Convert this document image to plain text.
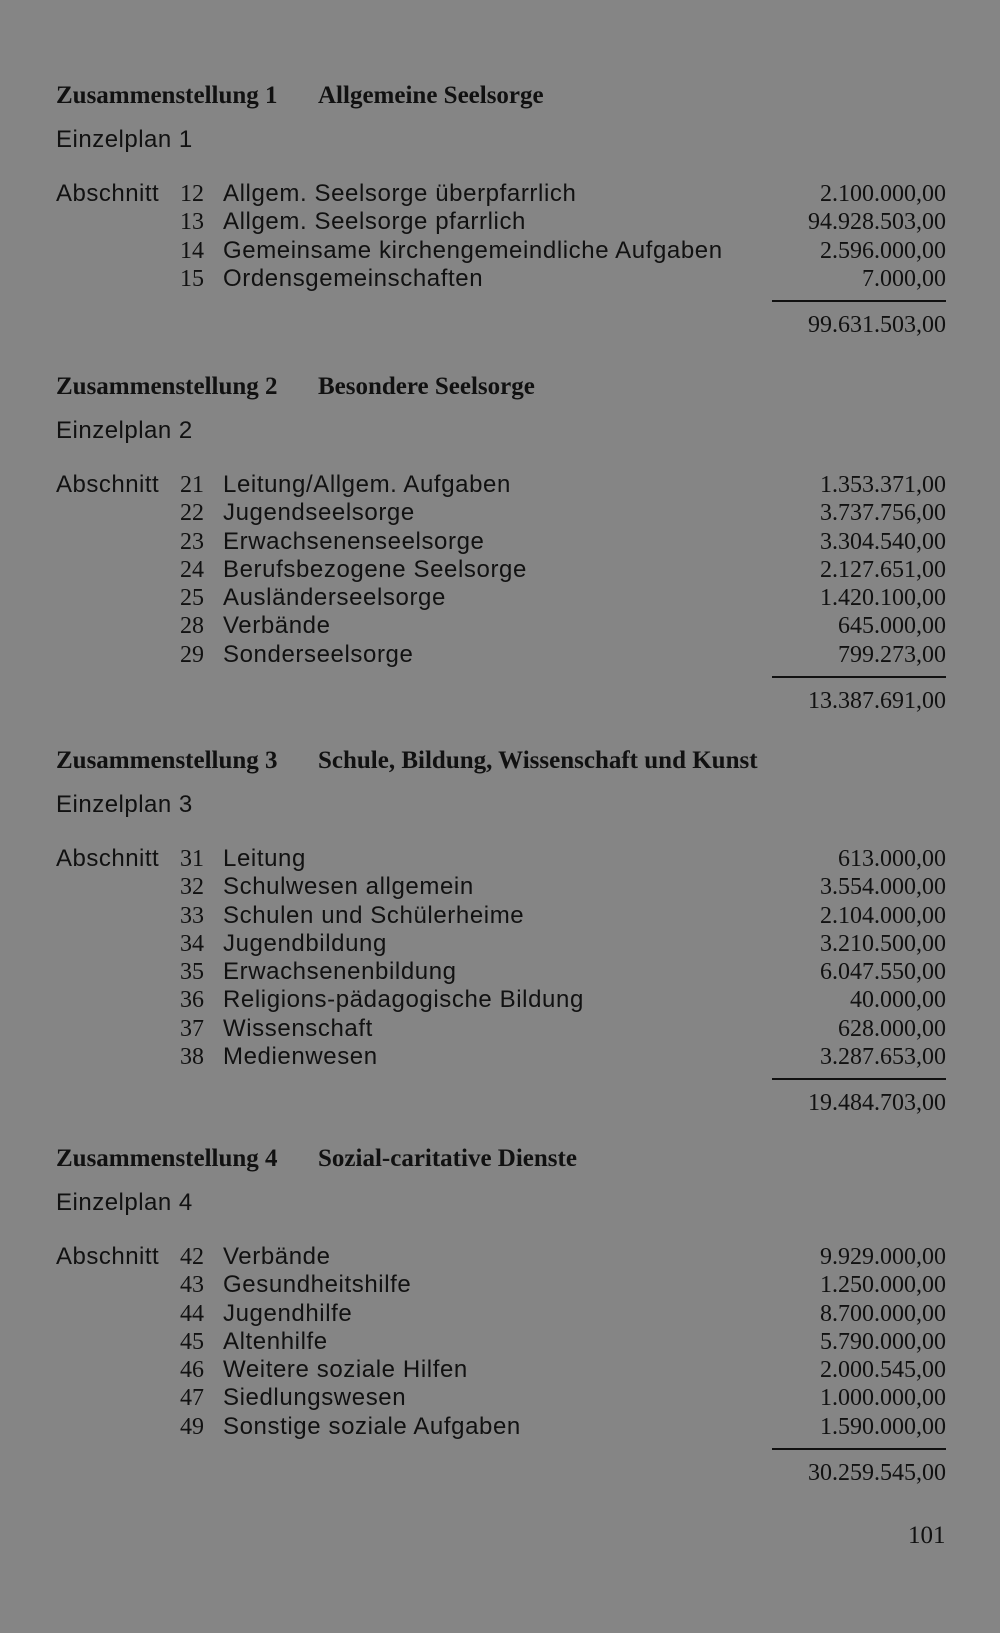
Zusammenstellung 1 Allgemeine Seelsorge
Einzelplan 1
Abschnitt 12 Allgem. Seelsorge überpfarrlich	2.100.000,00
13 Allgem. Seelsorge pfarrlich	94.928.503,00
14 Gemeinsame kirchengemeindliche Aufgaben	2.596.000,00
15 Ordensgemeinschaften	7.000,00
99.631.503,00
Zusammenstellung 2 Besondere Seelsorge
Einzelplan 2
Abschnitt 21 Leitung/Allgem. Aufgaben	1.353.371,00
22 Jugendseelsorge	3.737.756,00
23 Erwachsenenseelsorge	3.304.540,00
24 Berufsbezogene Seelsorge	2.127.651,00
25 Ausländerseelsorge	1.420.100,00
28 Verbände	645.000,00
29 Sonderseelsorge	799.273,00
13.387.691,00
Zusammenstellung 3 Schule, Bildung, Wissenschaft und Kunst
Einzelplan 3
Abschnitt 31 Leitung	613.000,00
32 Schulwesen allgemein	3.554.000,00
33 Schulen und Schülerheime	2.104.000,00
34 Jugendbildung	3.210.500,00
35 Erwachsenenbildung	6.047.550,00
36 Religions-pädagogische Bildung	40.000,00
37 Wissenschaft	628.000,00
38 Medienwesen	3.287.653,00
19.484.703,00
Zusammenstellung 4 Sozial-caritative Dienste
Einzelplan 4
Abschnitt 42 Verbände	9.929.000,00
43 Gesundheitshilfe	1.250.000,00
44 Jugendhilfe	8.700.000,00
45 Altenhilfe	5.790.000,00
46 Weitere soziale Hilfen	2.000.545,00
47 Siedlungswesen	1.000.000,00
49 Sonstige soziale Aufgaben	1.590.000,00
30.259.545,00
101
